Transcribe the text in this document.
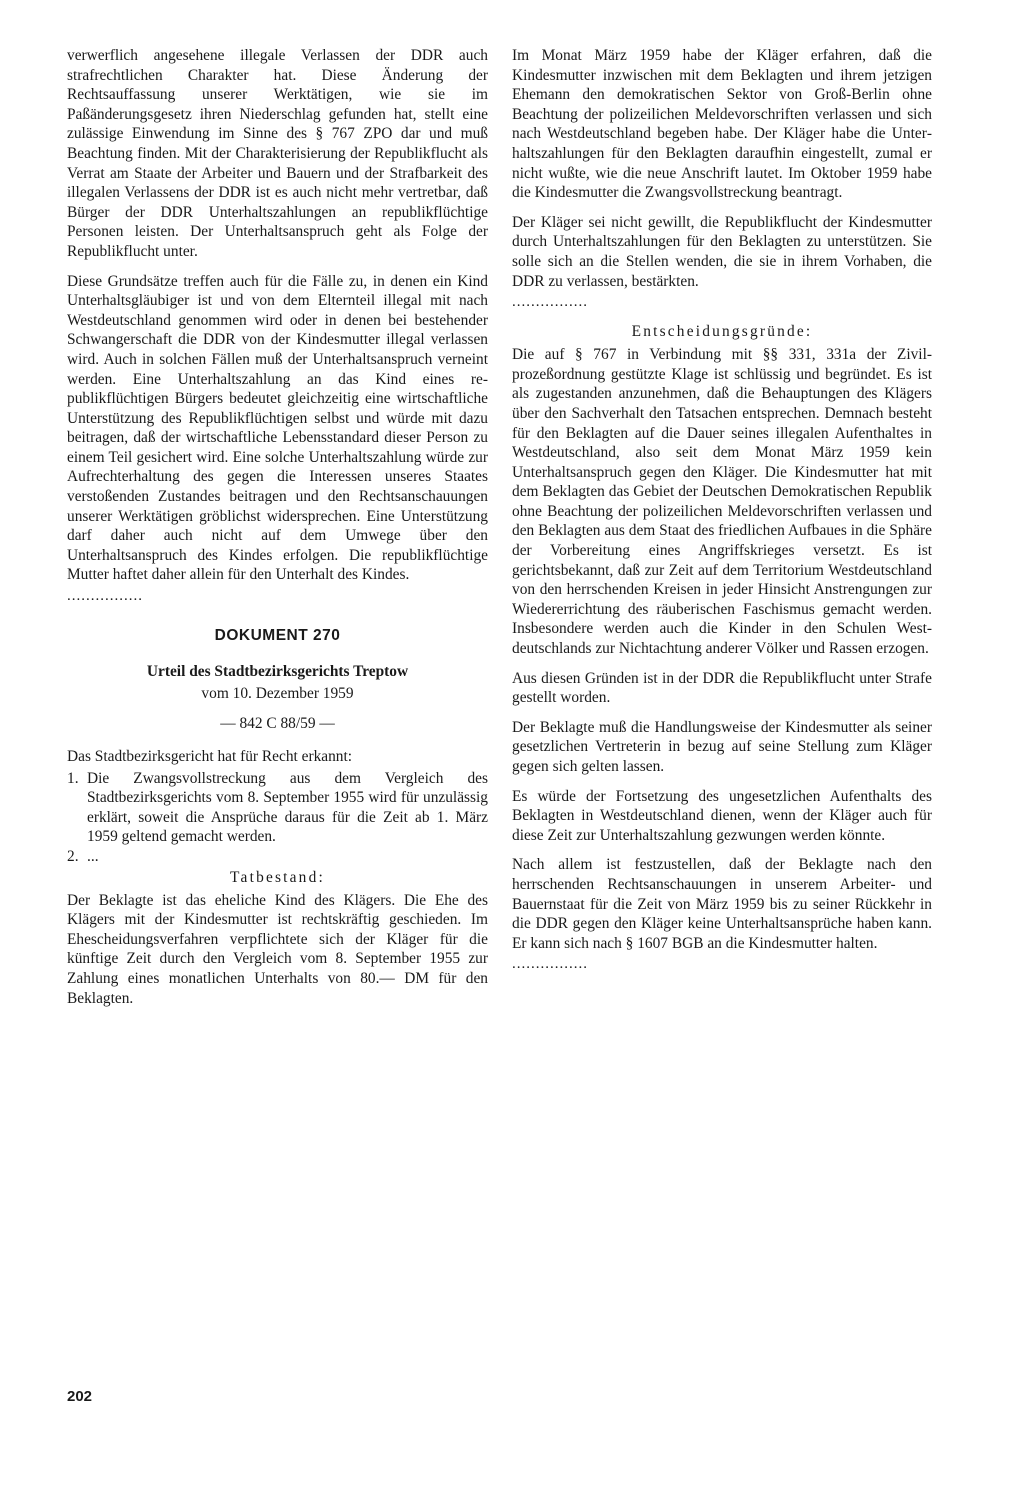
verwerflich angesehene illegale Verlassen der DDR auch strafrechtlichen Charakter hat. Diese Änderung der Rechtsauffassung unserer Werktätigen, wie sie im Paßänderungsgesetz ihren Niederschlag gefunden hat, stellt eine zulässige Einwendung im Sinne des § 767 ZPO dar und muß Beachtung finden. Mit der Charakterisierung der Republikflucht als Verrat am Staate der Arbeiter und Bauern und der Strafbarkeit des illegalen Verlassens der DDR ist es auch nicht mehr vertretbar, daß Bürger der DDR Unterhaltszahlungen an republikflüchtige Personen leisten. Der Unterhaltsanspruch geht als Folge der Republikflucht unter.

Diese Grundsätze treffen auch für die Fälle zu, in denen ein Kind Unterhaltsgläubiger ist und von dem Elternteil illegal mit nach Westdeutschland genommen wird oder in denen bei bestehender Schwangerschaft die DDR von der Kindesmutter illegal verlassen wird. Auch in solchen Fällen muß der Unterhaltsanspruch verneint werden. Eine Unterhaltszahlung an das Kind eines republikflüchtigen Bürgers bedeutet gleichzeitig eine wirtschaftliche Unterstützung des Republikflüchtigen selbst und würde mit dazu beitragen, daß der wirtschaftliche Lebensstandard dieser Person zu einem Teil gesichert wird. Eine solche Unterhaltszahlung würde zur Aufrechterhaltung des gegen die Interessen unseres Staates verstoßenden Zustandes beitragen und den Rechtsanschauungen unserer Werktätigen gröblichst widersprechen. Eine Unterstützung darf daher auch nicht auf dem Umwege über den Unterhaltsanspruch des Kindes erfolgen. Die republikflüchtige Mutter haftet daher allein für den Unterhalt des Kindes.

................
DOKUMENT 270
Urteil des Stadtbezirksgerichts Treptow
vom 10. Dezember 1959
— 842 C 88/59 —

Das Stadtbezirksgericht hat für Recht erkannt:

1. Die Zwangsvollstreckung aus dem Vergleich des Stadtbezirksgerichts vom 8. September 1955 wird für unzulässig erklärt, soweit die Ansprüche daraus für die Zeit ab 1. März 1959 geltend gemacht werden.
2. ...
Tatbestand:

Der Beklagte ist das eheliche Kind des Klägers. Die Ehe des Klägers mit der Kindesmutter ist rechtskräftig geschieden. Im Ehescheidungsverfahren verpflichtete sich der Kläger für die künftige Zeit durch den Vergleich vom 8. September 1955 zur Zahlung eines monatlichen Unterhalts von 80.— DM für den Beklagten.

Im Monat März 1959 habe der Kläger erfahren, daß die Kindesmutter inzwischen mit dem Beklagten und ihrem jetzigen Ehemann den demokratischen Sektor von Groß-Berlin ohne Beachtung der polizeilichen Meldevorschriften verlassen und sich nach Westdeutschland begeben habe. Der Kläger habe die Unterhaltszahlungen für den Beklagten daraufhin eingestellt, zumal er nicht wußte, wie die neue Anschrift lautet. Im Oktober 1959 habe die Kindesmutter die Zwangsvollstreckung beantragt.

Der Kläger sei nicht gewillt, die Republikflucht der Kindesmutter durch Unterhaltszahlungen für den Beklagten zu unterstützen. Sie solle sich an die Stellen wenden, die sie in ihrem Vorhaben, die DDR zu verlassen, bestärkten.

................
Entscheidungsgründe:

Die auf § 767 in Verbindung mit §§ 331, 331a der Zivilprozeßordnung gestützte Klage ist schlüssig und begründet. Es ist als zugestanden anzunehmen, daß die Behauptungen des Klägers über den Sachverhalt den Tatsachen entsprechen. Demnach besteht für den Beklagten auf die Dauer seines illegalen Aufenthaltes in Westdeutschland, also seit dem Monat März 1959 kein Unterhaltsanspruch gegen den Kläger. Die Kindesmutter hat mit dem Beklagten das Gebiet der Deutschen Demokratischen Republik ohne Beachtung der polizeilichen Meldevorschriften verlassen und den Beklagten aus dem Staat des friedlichen Aufbaues in die Sphäre der Vorbereitung eines Angriffskrieges versetzt. Es ist gerichtsbekannt, daß zur Zeit auf dem Territorium Westdeutschland von den herrschenden Kreisen in jeder Hinsicht Anstrengungen zur Wiedererrichtung des räuberischen Faschismus gemacht werden. Insbesondere werden auch die Kinder in den Schulen Westdeutschlands zur Nichtachtung anderer Völker und Rassen erzogen.

Aus diesen Gründen ist in der DDR die Republikflucht unter Strafe gestellt worden.

Der Beklagte muß die Handlungsweise der Kindesmutter als seiner gesetzlichen Vertreterin in bezug auf seine Stellung zum Kläger gegen sich gelten lassen.

Es würde der Fortsetzung des ungesetzlichen Aufenthalts des Beklagten in Westdeutschland dienen, wenn der Kläger auch für diese Zeit zur Unterhaltszahlung gezwungen werden könnte.

Nach allem ist festzustellen, daß der Beklagte nach den herrschenden Rechtsanschauungen in unserem Arbeiter- und Bauernstaat für die Zeit von März 1959 bis zu seiner Rückkehr in die DDR gegen den Kläger keine Unterhaltsansprüche haben kann. Er kann sich nach § 1607 BGB an die Kindesmutter halten.

................
202
